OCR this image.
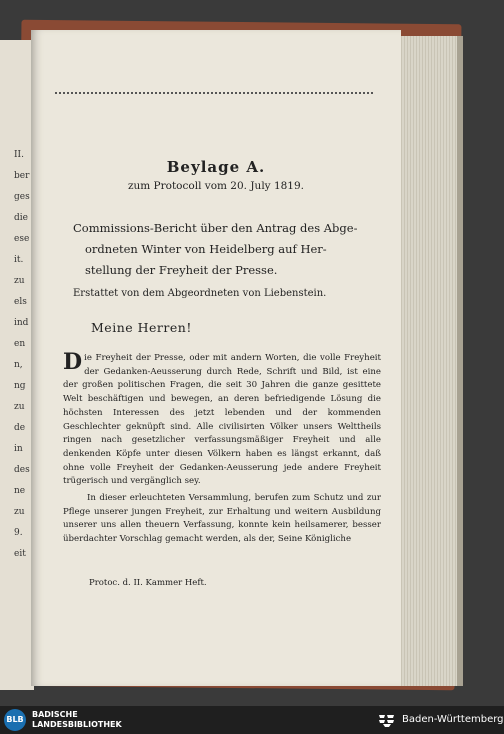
II.
ber
ges
die
ese
it.
zu
els
ind
en
n,
ng
zu
de
in
des
ne
zu
9.
eit
Beylage A.
zum Protocoll vom 20. July 1819.
Commissions-Bericht über den Antrag des Abge-
ordneten Winter von Heidelberg auf Her-
stellung der Freyheit der Presse.
Erstattet von dem Abgeordneten von Liebenstein.
Meine Herren!

Die Freyheit der Presse, oder mit andern Worten, die volle Freyheit der Gedanken-Aeusserung durch Rede, Schrift und Bild, ist eine der großen politischen Fragen, die seit 30 Jahren die ganze gesittete Welt beschäftigen und bewegen, an deren befriedigende Lösung die höchsten Interessen des jetzt lebenden und der kommenden Geschlechter geknüpft sind. Alle civilisirten Völker unsers Welttheils ringen nach gesetzlicher verfassungsmäßiger Freyheit und alle denkenden Köpfe unter diesen Völkern haben es längst erkannt, daß ohne volle Freyheit der Gedanken-Aeusserung jede andere Freyheit trügerisch und vergänglich sey.

In dieser erleuchteten Versammlung, berufen zum Schutz und zur Pflege unserer jungen Freyheit, zur Erhaltung und weitern Ausbildung unserer uns allen theuern Verfassung, konnte kein heilsamerer, besser überdachter Vorschlag gemacht werden, als der, Seine Königliche

Protoc. d. II. Kammer Heft.
BLB
BADISCHE
LANDESBIBLIOTHEK	Baden-Württemberg
